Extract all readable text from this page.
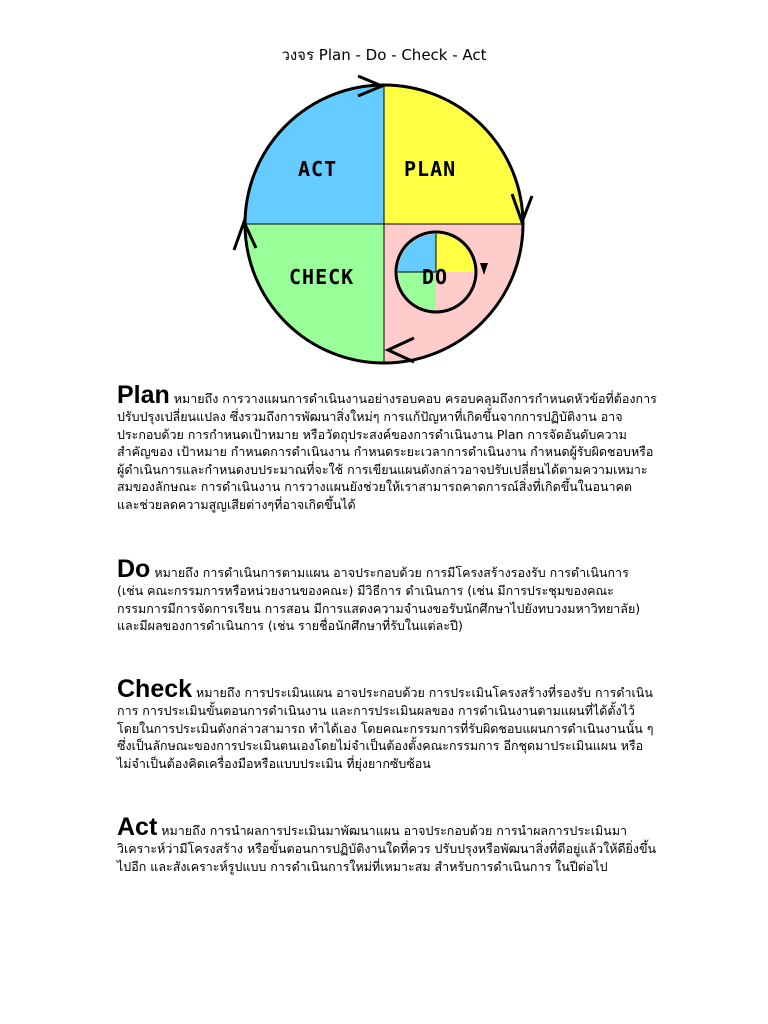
วงจร Plan - Do - Check - Act
ACT	PLAN
CHECK	DO
Plan หมายถึง การวางแผนการดำเนินงานอย่างรอบคอบ ครอบคลุมถึงการกำหนดหัวข้อที่ต้องการปรับปรุงเปลี่ยนแปลง ซึ่งรวมถึงการพัฒนาสิ่งใหม่ๆ การแก้ปัญหาที่เกิดขึ้นจากการปฏิบัติงาน อาจประกอบด้วย การกำหนดเป้าหมาย หรือวัตถุประสงค์ของการดำเนินงาน Plan การจัดอันดับความสำคัญของ เป้าหมาย กำหนดการดำเนินงาน กำหนดระยะเวลาการดำเนินงาน กำหนดผู้รับผิดชอบหรือผู้ดำเนินการและกำหนดงบประมาณที่จะใช้ การเขียนแผนดังกล่าวอาจปรับเปลี่ยนได้ตามความเหมาะสมของลักษณะ การดำเนินงาน การวางแผนยังช่วยให้เราสามารถคาดการณ์สิ่งที่เกิดขึ้นในอนาคต และช่วยลดความสูญเสียต่างๆที่อาจเกิดขึ้นได้
Do หมายถึง การดำเนินการตามแผน อาจประกอบด้วย การมีโครงสร้างรองรับ การดำเนินการ (เช่น คณะกรรมการหรือหน่วยงานของคณะ) มีวิธีการ ดำเนินการ (เช่น มีการประชุมของคณะกรรมการมีการจัดการเรียน การสอน มีการแสดงความจำนงขอรับนักศึกษาไปยังทบวงมหาวิทยาลัย) และมีผลของการดำเนินการ (เช่น รายชื่อนักศึกษาที่รับในแต่ละปี)
Check หมายถึง การประเมินแผน อาจประกอบด้วย การประเมินโครงสร้างที่รองรับ การดำเนินการ การประเมินขั้นตอนการดำเนินงาน และการประเมินผลของ การดำเนินงานตามแผนที่ได้ตั้งไว้ โดยในการประเมินดังกล่าวสามารถ ทำได้เอง โดยคณะกรรมการที่รับผิดชอบแผนการดำเนินงานนั้น ๆ ซึ่งเป็นลักษณะของการประเมินตนเองโดยไม่จำเป็นต้องตั้งคณะกรรมการ อีกชุดมาประเมินแผน หรือไม่จำเป็นต้องคิดเครื่องมือหรือแบบประเมิน ที่ยุ่งยากซับซ้อน
Act หมายถึง การนำผลการประเมินมาพัฒนาแผน อาจประกอบด้วย การนำผลการประเมินมาวิเคราะห์ว่ามีโครงสร้าง หรือขั้นตอนการปฏิบัติงานใดที่ควร ปรับปรุงหรือพัฒนาสิ่งที่ดีอยู่แล้วให้ดียิ่งขึ้นไปอีก และสังเคราะห์รูปแบบ การดำเนินการใหม่ที่เหมาะสม สำหรับการดำเนินการ ในปีต่อไป
